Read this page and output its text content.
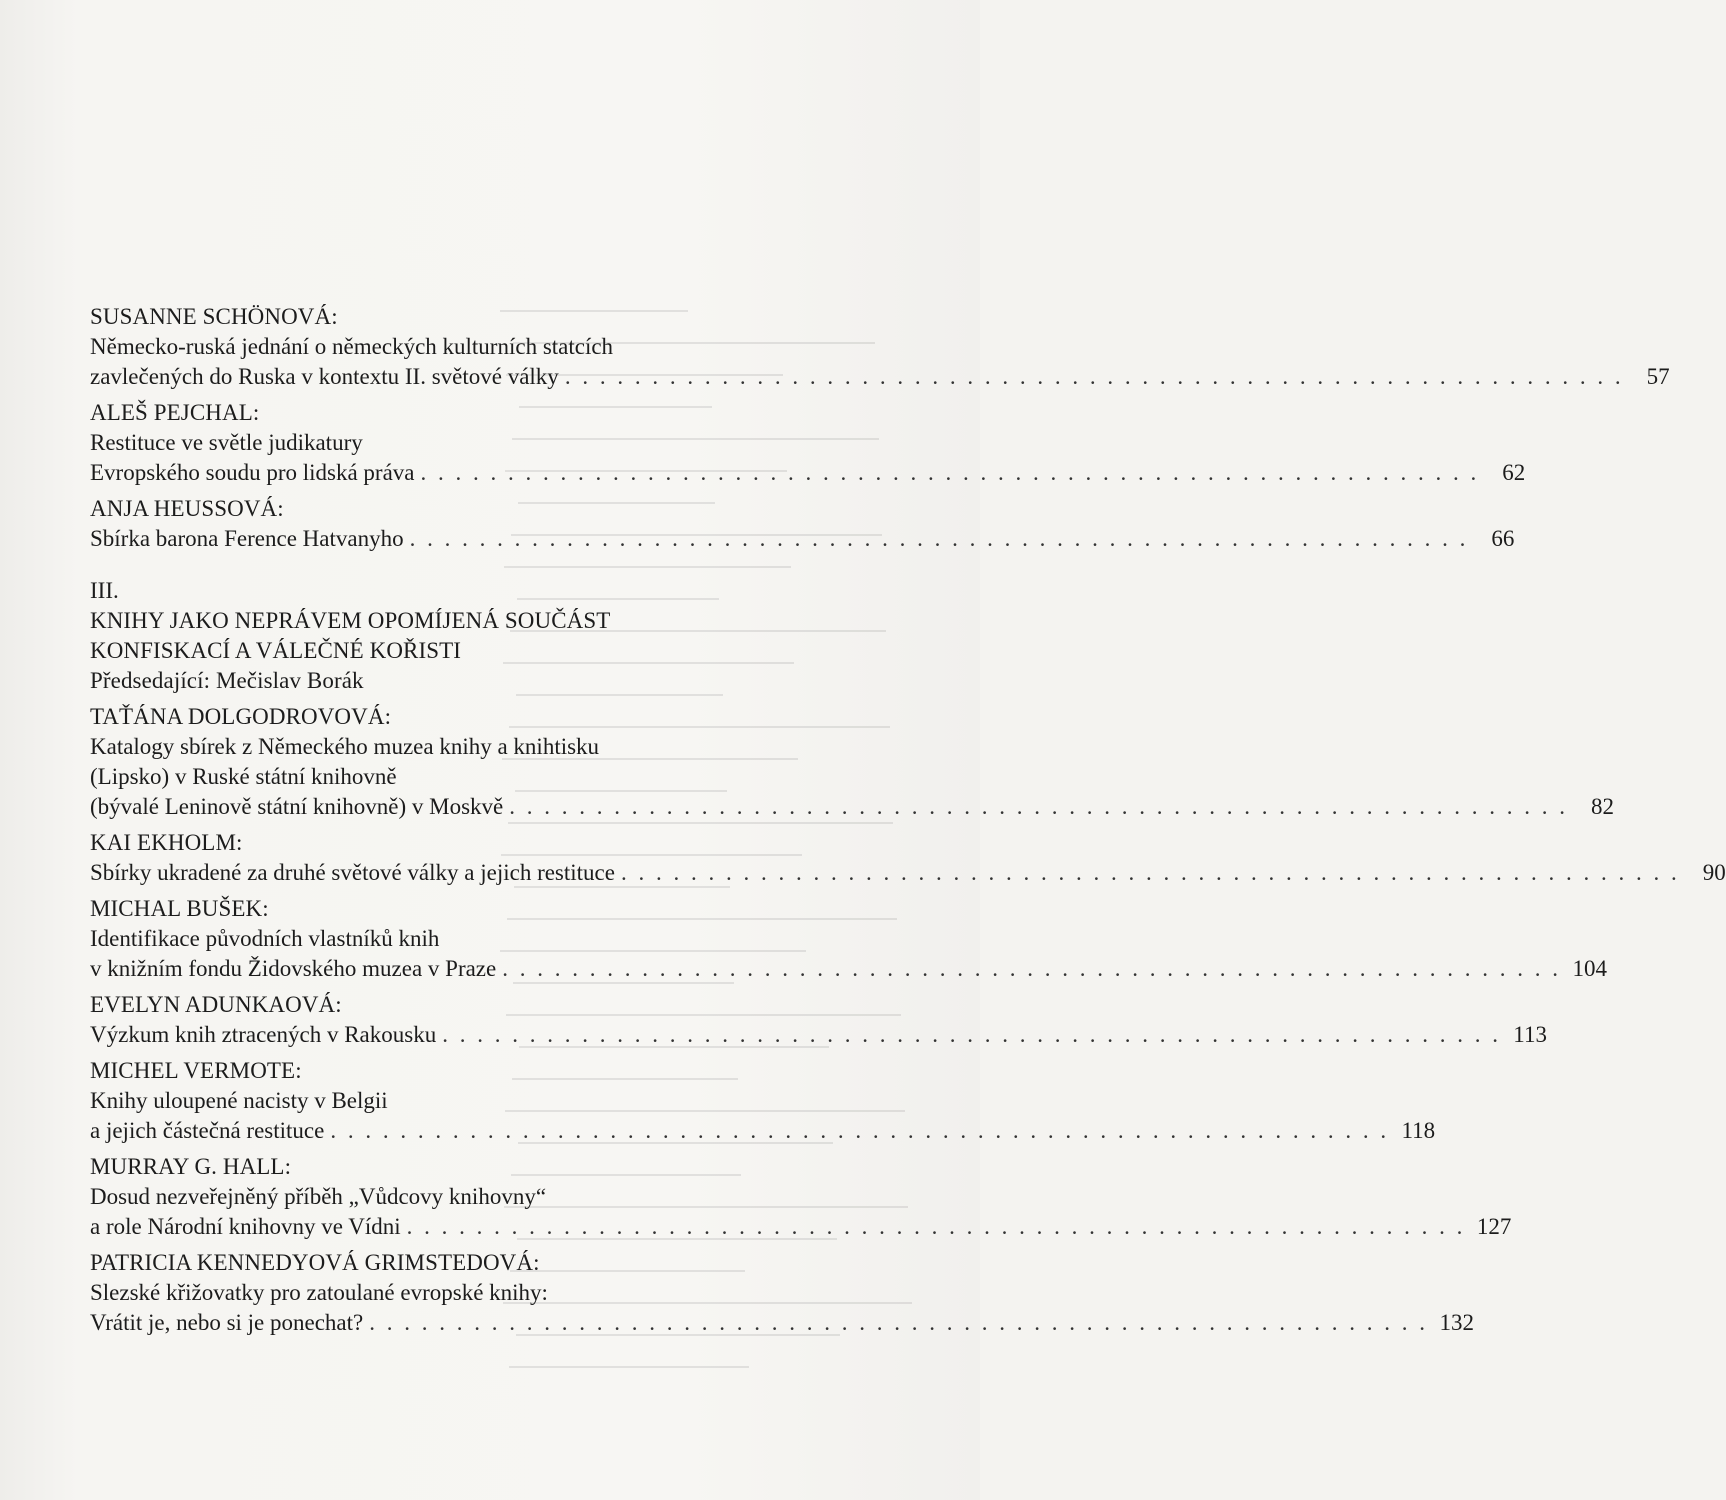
SUSANNE SCHÖNOVÁ:
Německo-ruská jednání o německých kulturních statcích
zavlečených do Ruska v kontextu II. světové války . . . . . . . . . . . . . . . . . . . . . . . . . . . . . . . . . . . . . . . . . . . . . . . . . . . . . . . . . . . . .	57
ALEŠ PEJCHAL:
Restituce ve světle judikatury
Evropského soudu pro lidská práva . . . . . . . . . . . . . . . . . . . . . . . . . . . . . . . . . . . . . . . . . . . . . . . . . . . . . . . . . . . . .	62
ANJA HEUSSOVÁ:
Sbírka barona Ference Hatvanyho . . . . . . . . . . . . . . . . . . . . . . . . . . . . . . . . . . . . . . . . . . . . . . . . . . . . . . . . . . . . .	66
III.
KNIHY JAKO NEPRÁVEM OPOMÍJENÁ SOUČÁST
KONFISKACÍ A VÁLEČNÉ KOŘISTI
Předsedající: Mečislav Borák
TAŤÁNA DOLGODROVOVÁ:
Katalogy sbírek z Německého muzea knihy a knihtisku
(Lipsko) v Ruské státní knihovně
(bývalé Leninově státní knihovně) v Moskvě . . . . . . . . . . . . . . . . . . . . . . . . . . . . . . . . . . . . . . . . . . . . . . . . . . . . . . . . . . . . .	82
KAI EKHOLM:
Sbírky ukradené za druhé světové války a jejich restituce . . . . . . . . . . . . . . . . . . . . . . . . . . . . . . . . . . . . . . . . . . . . . . . . . . . . . . . . . . . . .	90
MICHAL BUŠEK:
Identifikace původních vlastníků knih
v knižním fondu Židovského muzea v Praze . . . . . . . . . . . . . . . . . . . . . . . . . . . . . . . . . . . . . . . . . . . . . . . . . . . . . . . . . . . . . 104
EVELYN ADUNKAOVÁ:
Výzkum knih ztracených v Rakousku . . . . . . . . . . . . . . . . . . . . . . . . . . . . . . . . . . . . . . . . . . . . . . . . . . . . . . . . . . . . . 113
MICHEL VERMOTE:
Knihy uloupené nacisty v Belgii
a jejich částečná restituce . . . . . . . . . . . . . . . . . . . . . . . . . . . . . . . . . . . . . . . . . . . . . . . . . . . . . . . . . . . . . 118
MURRAY G. HALL:
Dosud nezveřejněný příběh „Vůdcovy knihovny“
a role Národní knihovny ve Vídni . . . . . . . . . . . . . . . . . . . . . . . . . . . . . . . . . . . . . . . . . . . . . . . . . . . . . . . . . . . . . 127
PATRICIA KENNEDYOVÁ GRIMSTEDOVÁ:
Slezské křižovatky pro zatoulané evropské knihy:
Vrátit je, nebo si je ponechat? . . . . . . . . . . . . . . . . . . . . . . . . . . . . . . . . . . . . . . . . . . . . . . . . . . . . . . . . . . . . . 132
